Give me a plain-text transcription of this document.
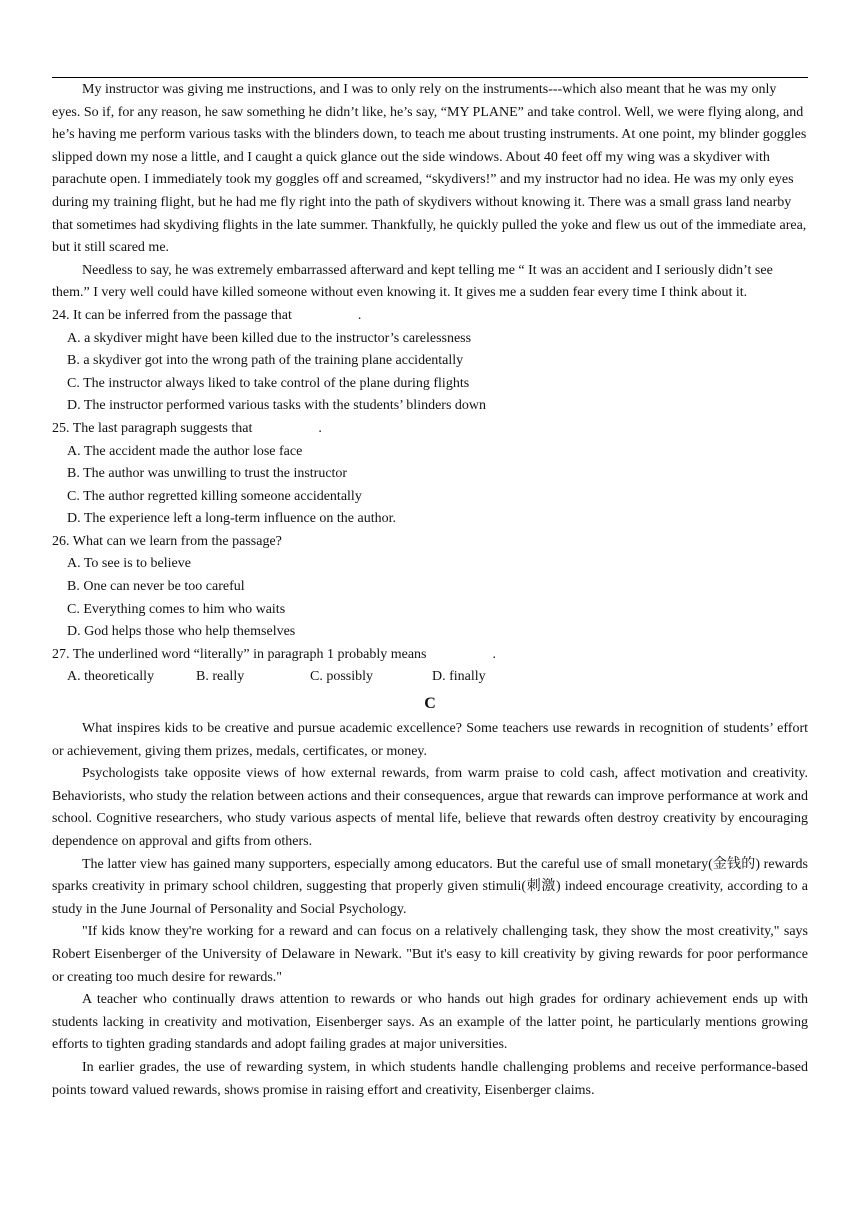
My instructor was giving me instructions, and I was to only rely on the instruments---which also meant that he was my only eyes. So if, for any reason, he saw something he didn’t like, he’s say, “MY PLANE” and take control. Well, we were flying along, and he’s having me perform various tasks with the blinders down, to teach me about trusting instruments. At one point, my blinder goggles slipped down my nose a little, and I caught a quick glance out the side windows. About 40 feet off my wing was a skydiver with parachute open. I immediately took my goggles off and screamed, “skydivers!” and my instructor had no idea. He was my only eyes during my training flight, but he had me fly right into the path of skydivers without knowing it. There was a small grass land nearby that sometimes had skydiving flights in the late summer. Thankfully, he quickly pulled the yoke and flew us out of the immediate area, but it still scared me.

Needless to say, he was extremely embarrassed afterward and kept telling me “ It was an accident and I seriously didn’t see them.” I very well could have killed someone without even knowing it. It gives me a sudden fear every time I think about it.

24. It can be inferred from the passage that	.

A. a skydiver might have been killed due to the instructor’s carelessness

B. a skydiver got into the wrong path of the training plane accidentally

C. The instructor always liked to take control of the plane during flights

D. The instructor performed various tasks with the students’ blinders down

25. The last paragraph suggests that	.

A. The accident made the author lose face

B. The author was unwilling to trust the instructor

C. The author regretted killing someone accidentally

D. The experience left a long-term influence on the author.

26. What can we learn from the passage?

A. To see is to believe

B. One can never be too careful

C. Everything comes to him who waits

D. God helps those who help themselves

27. The underlined word “literally” in paragraph 1 probably means	.

A. theoretically	B. really	C. possibly	D. finally
C

What inspires kids to be creative and pursue academic excellence? Some teachers use rewards in recognition of students’ effort or achievement, giving them prizes, medals, certificates, or money.

Psychologists take opposite views of how external rewards, from warm praise to cold cash, affect motivation and creativity. Behaviorists, who study the relation between actions and their consequences, argue that rewards can improve performance at work and school. Cognitive researchers, who study various aspects of mental life, believe that rewards often destroy creativity by encouraging dependence on approval and gifts from others.

The latter view has gained many supporters, especially among educators. But the careful use of small monetary(金钱的) rewards sparks creativity in primary school children, suggesting that properly given stimuli(刺激) indeed encourage creativity, according to a study in the June Journal of Personality and Social Psychology.

"If kids know they're working for a reward and can focus on a relatively challenging task, they show the most creativity," says Robert Eisenberger of the University of Delaware in Newark. "But it's easy to kill creativity by giving rewards for poor performance or creating too much desire for rewards."

A teacher who continually draws attention to rewards or who hands out high grades for ordinary achievement ends up with students lacking in creativity and motivation, Eisenberger says. As an example of the latter point, he particularly mentions growing efforts to tighten grading standards and adopt failing grades at major universities.

In earlier grades, the use of rewarding system, in which students handle challenging problems and receive performance-based points toward valued rewards, shows promise in raising effort and creativity, Eisenberger claims.
